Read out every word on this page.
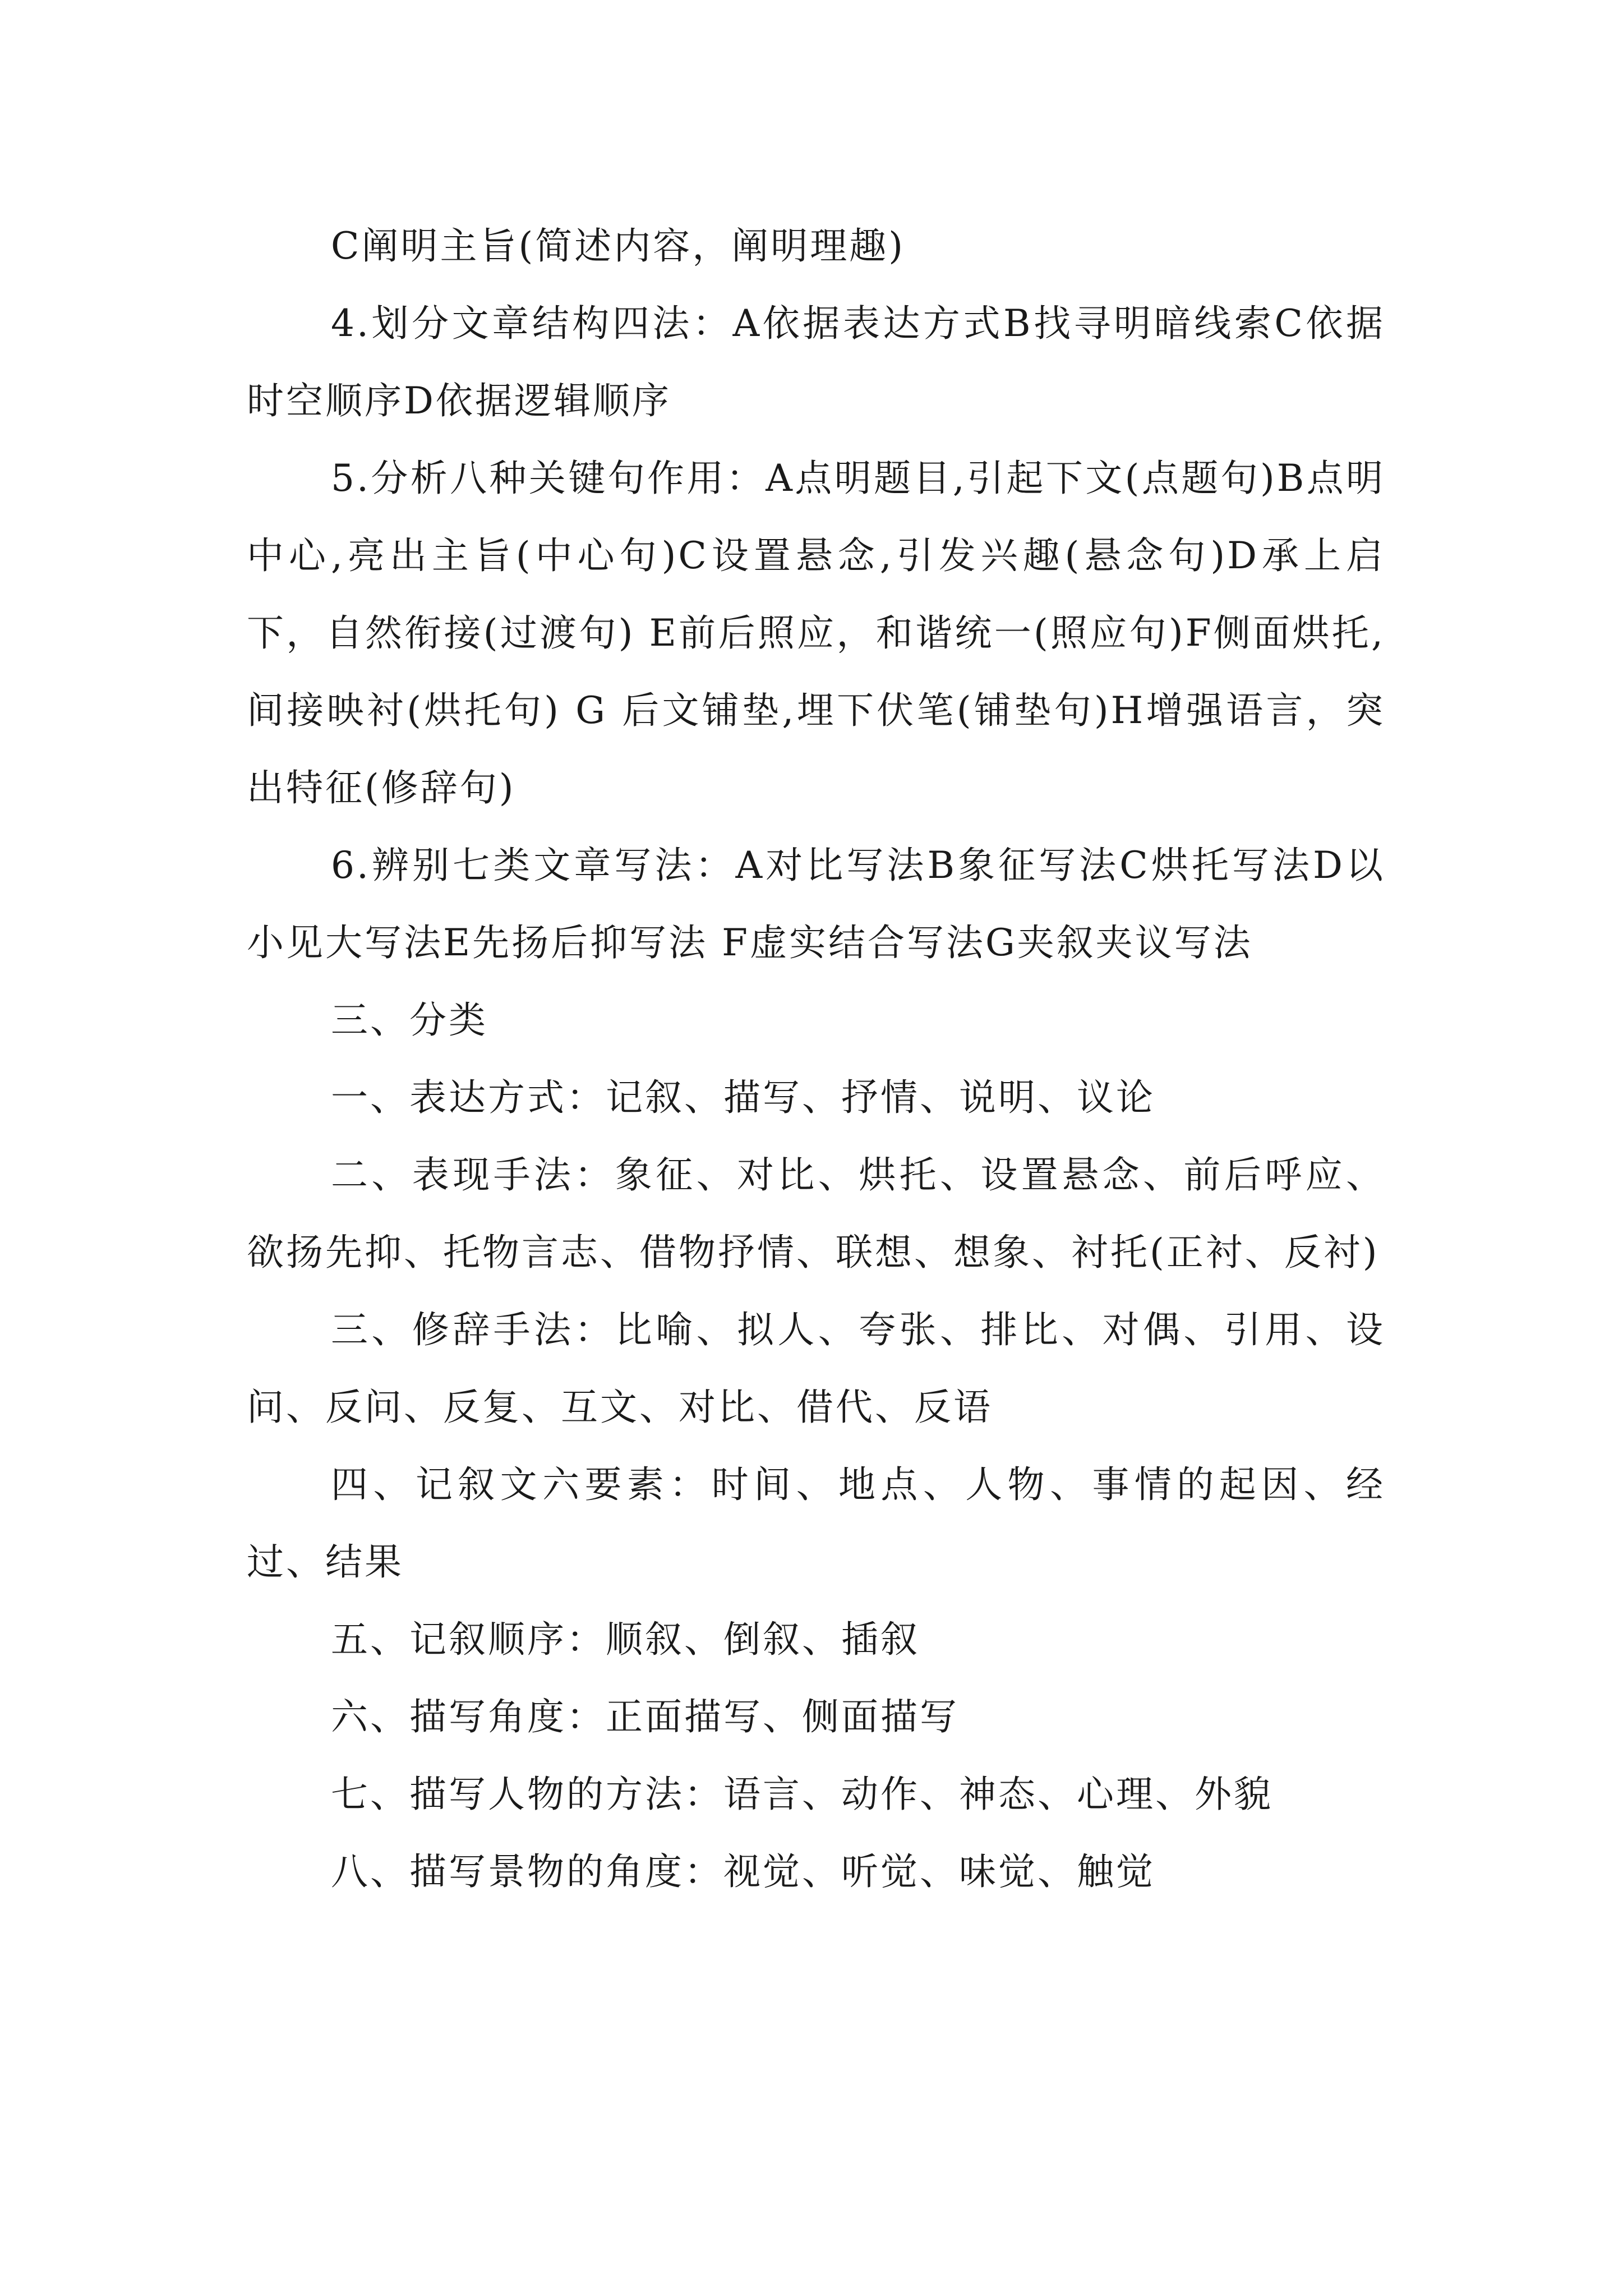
C阐明主旨(简述内容，阐明理趣)

4.划分文章结构四法：A依据表达方式B找寻明暗线索C依据时空顺序D依据逻辑顺序

5.分析八种关键句作用：A点明题目,引起下文(点题句)B点明中心,亮出主旨(中心句)C设置悬念,引发兴趣(悬念句)D承上启下，自然衔接(过渡句) E前后照应，和谐统一(照应句)F侧面烘托,间接映衬(烘托句) G 后文铺垫,埋下伏笔(铺垫句)H增强语言，突出特征(修辞句)

6.辨别七类文章写法：A对比写法B象征写法C烘托写法D以小见大写法E先扬后抑写法 F虚实结合写法G夹叙夹议写法

三、分类

一、表达方式：记叙、描写、抒情、说明、议论

二、表现手法：象征、对比、烘托、设置悬念、前后呼应、欲扬先抑、托物言志、借物抒情、联想、想象、衬托(正衬、反衬)

三、修辞手法：比喻、拟人、夸张、排比、对偶、引用、设问、反问、反复、互文、对比、借代、反语

四、记叙文六要素：时间、地点、人物、事情的起因、经过、结果

五、记叙顺序：顺叙、倒叙、插叙

六、描写角度：正面描写、侧面描写

七、描写人物的方法：语言、动作、神态、心理、外貌

八、描写景物的角度：视觉、听觉、味觉、触觉
